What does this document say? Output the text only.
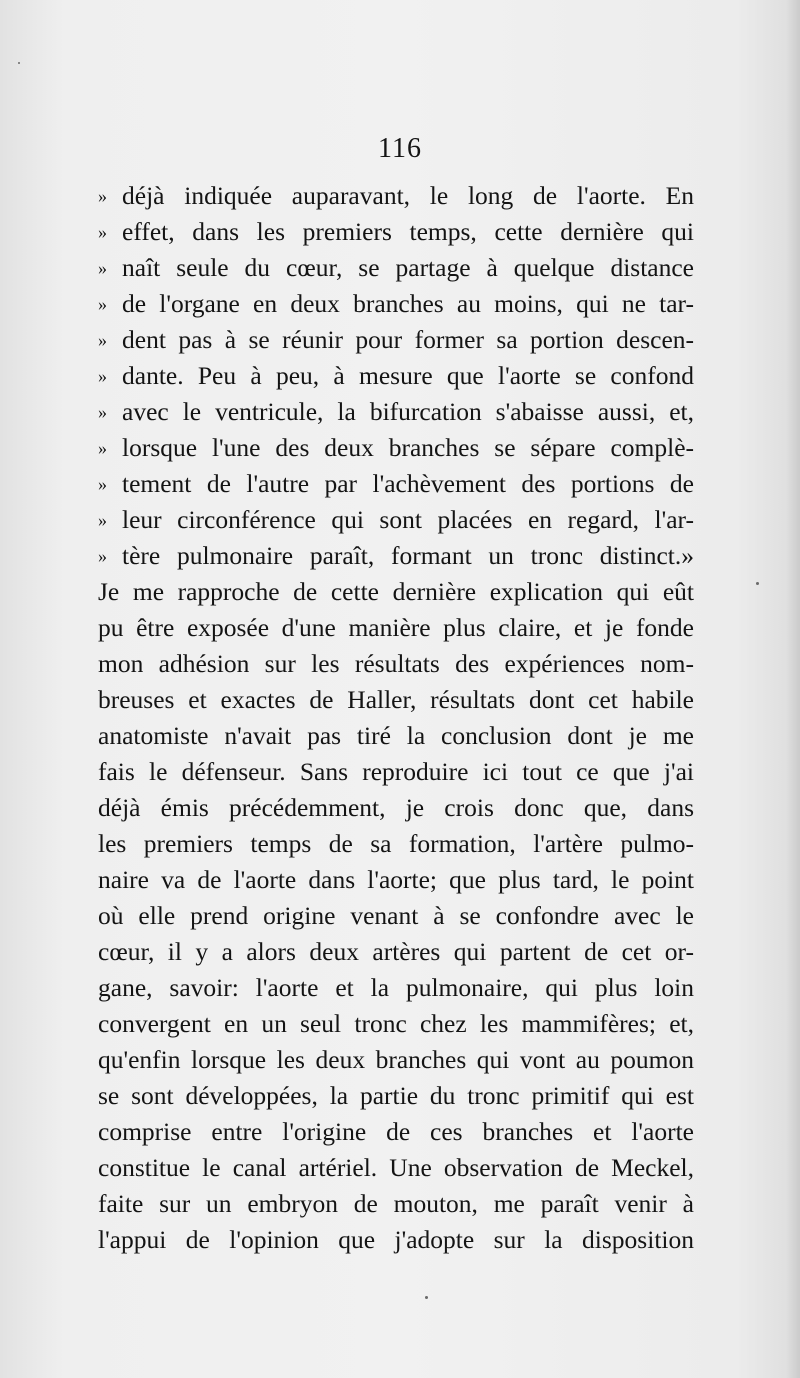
116
» déjà indiquée auparavant, le long de l'aorte. En
» effet, dans les premiers temps, cette dernière qui
» naît seule du cœur, se partage à quelque distance
» de l'organe en deux branches au moins, qui ne tar-
» dent pas à se réunir pour former sa portion descen-
» dante. Peu à peu, à mesure que l'aorte se confond
» avec le ventricule, la bifurcation s'abaisse aussi, et,
» lorsque l'une des deux branches se sépare complè-
» tement de l'autre par l'achèvement des portions de
» leur circonférence qui sont placées en regard, l'ar-
» tère pulmonaire paraît, formant un tronc distinct.»
Je me rapproche de cette dernière explication qui eût
pu être exposée d'une manière plus claire, et je fonde
mon adhésion sur les résultats des expériences nom-
breuses et exactes de Haller, résultats dont cet habile
anatomiste n'avait pas tiré la conclusion dont je me
fais le défenseur. Sans reproduire ici tout ce que j'ai
déjà émis précédemment, je crois donc que, dans
les premiers temps de sa formation, l'artère pulmo-
naire va de l'aorte dans l'aorte; que plus tard, le point
où elle prend origine venant à se confondre avec le
cœur, il y a alors deux artères qui partent de cet or-
gane, savoir: l'aorte et la pulmonaire, qui plus loin
convergent en un seul tronc chez les mammifères; et,
qu'enfin lorsque les deux branches qui vont au poumon
se sont développées, la partie du tronc primitif qui est
comprise entre l'origine de ces branches et l'aorte
constitue le canal artériel. Une observation de Meckel,
faite sur un embryon de mouton, me paraît venir à
l'appui de l'opinion que j'adopte sur la disposition
